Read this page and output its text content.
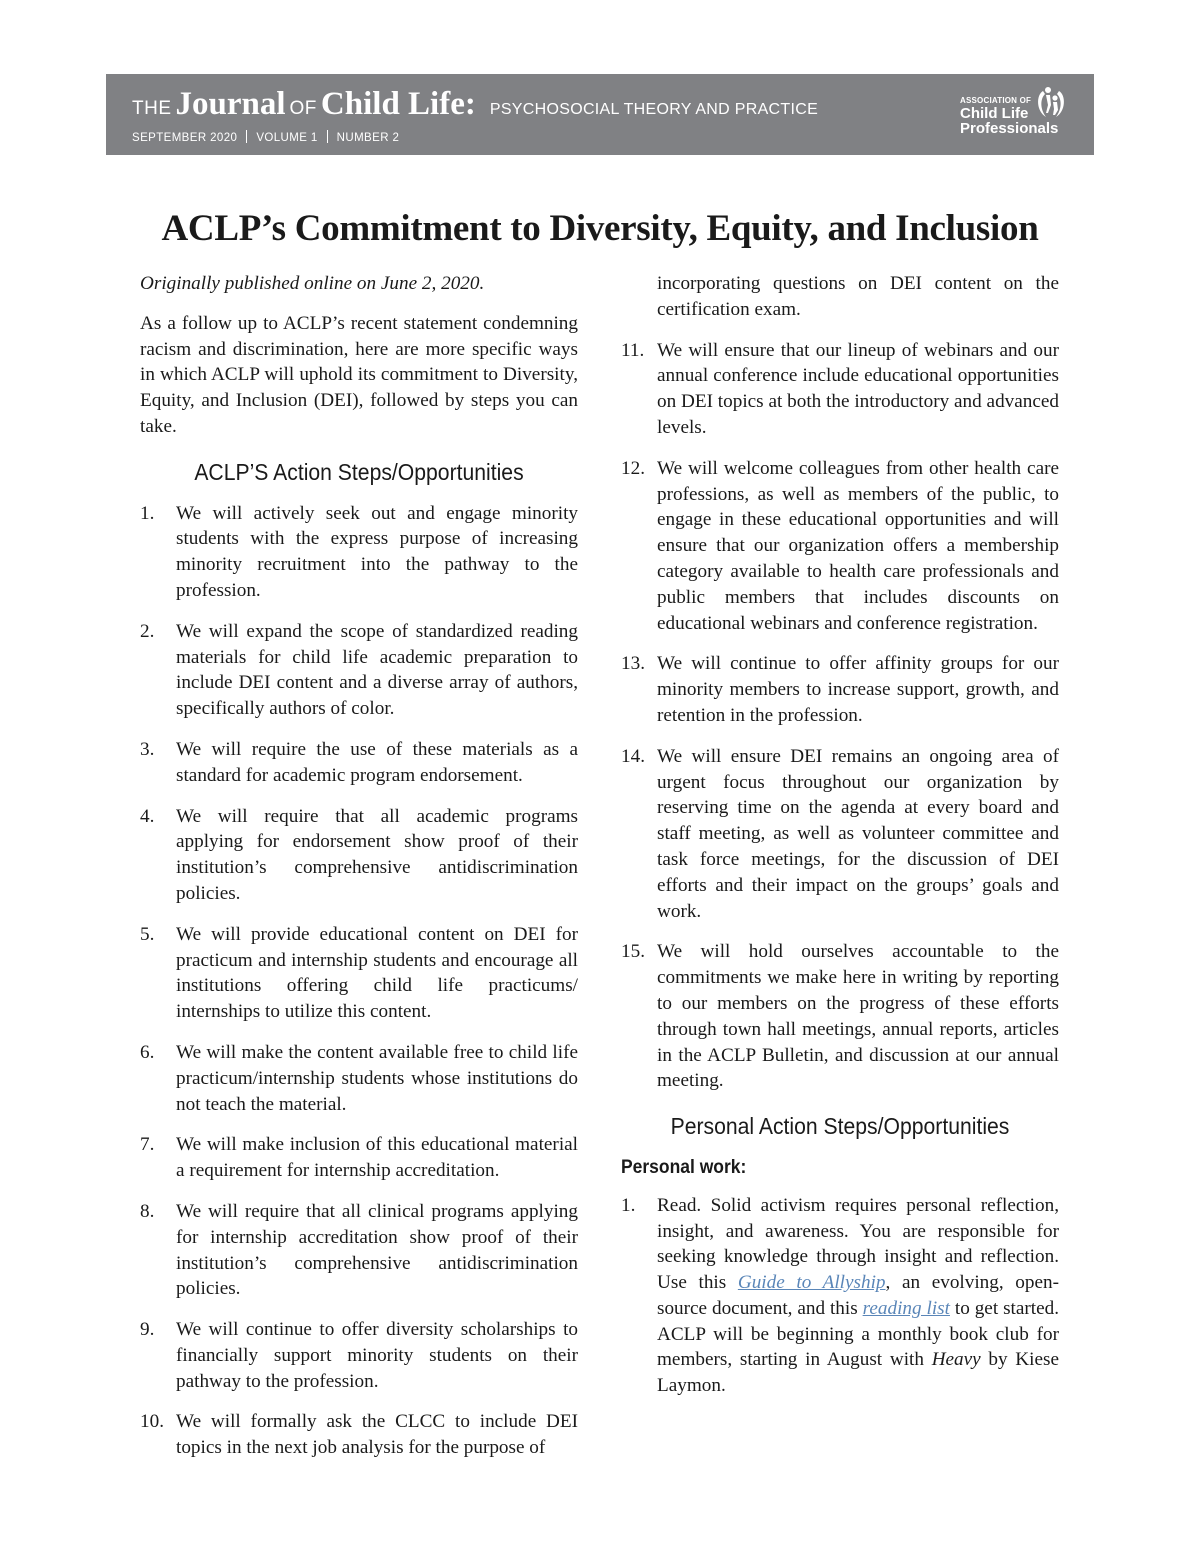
THE Journal OF Child Life: PSYCHOSOCIAL THEORY AND PRACTICE
SEPTEMBER 2020 VOLUME 1 NUMBER 2
ASSOCIATION OF
Child Life
Professionals
ACLP’s Commitment to Diversity, Equity, and Inclusion

Originally published online on June 2, 2020.

As a follow up to ACLP’s recent statement condemning racism and discrimination, here are more specific ways in which ACLP will uphold its commitment to Diversity, Equity, and Inclusion (DEI), followed by steps you can take.

ACLP’S Action Steps/Opportunities
1. We will actively seek out and engage minority students with the express purpose of increasing minority recruitment into the pathway to the profession.
2. We will expand the scope of standardized reading materials for child life academic preparation to include DEI content and a diverse array of authors, specifically authors of color.
3. We will require the use of these materials as a standard for academic program endorsement.
4. We will require that all academic programs applying for endorsement show proof of their institution’s comprehensive antidiscrimination policies.
5. We will provide educational content on DEI for practicum and internship students and encourage all institutions offering child life practicums/ internships to utilize this content.
6. We will make the content available free to child life practicum/internship students whose institutions do not teach the material.
7. We will make inclusion of this educational material a requirement for internship accreditation.
8. We will require that all clinical programs applying for internship accreditation show proof of their institution’s comprehensive antidiscrimination policies.
9. We will continue to offer diversity scholarships to financially support minority students on their pathway to the profession.
10. We will formally ask the CLCC to include DEI topics in the next job analysis for the purpose of
incorporating questions on DEI content on the certification exam.
11. We will ensure that our lineup of webinars and our annual conference include educational opportunities on DEI topics at both the introductory and advanced levels.
12. We will welcome colleagues from other health care professions, as well as members of the public, to engage in these educational opportunities and will ensure that our organization offers a membership category available to health care professionals and public members that includes discounts on educational webinars and conference registration.
13. We will continue to offer affinity groups for our minority members to increase support, growth, and retention in the profession.
14. We will ensure DEI remains an ongoing area of urgent focus throughout our organization by reserving time on the agenda at every board and staff meeting, as well as volunteer committee and task force meetings, for the discussion of DEI efforts and their impact on the groups’ goals and work.
15. We will hold ourselves accountable to the commitments we make here in writing by reporting to our members on the progress of these efforts through town hall meetings, annual reports, articles in the ACLP Bulletin, and discussion at our annual meeting.
Personal Action Steps/Opportunities
Personal work:
1. Read. Solid activism requires personal reflection, insight, and awareness. You are responsible for seeking knowledge through insight and reflection. Use this Guide to Allyship, an evolving, open-source document, and this reading list to get started. ACLP will be beginning a monthly book club for members, starting in August with Heavy by Kiese Laymon.
